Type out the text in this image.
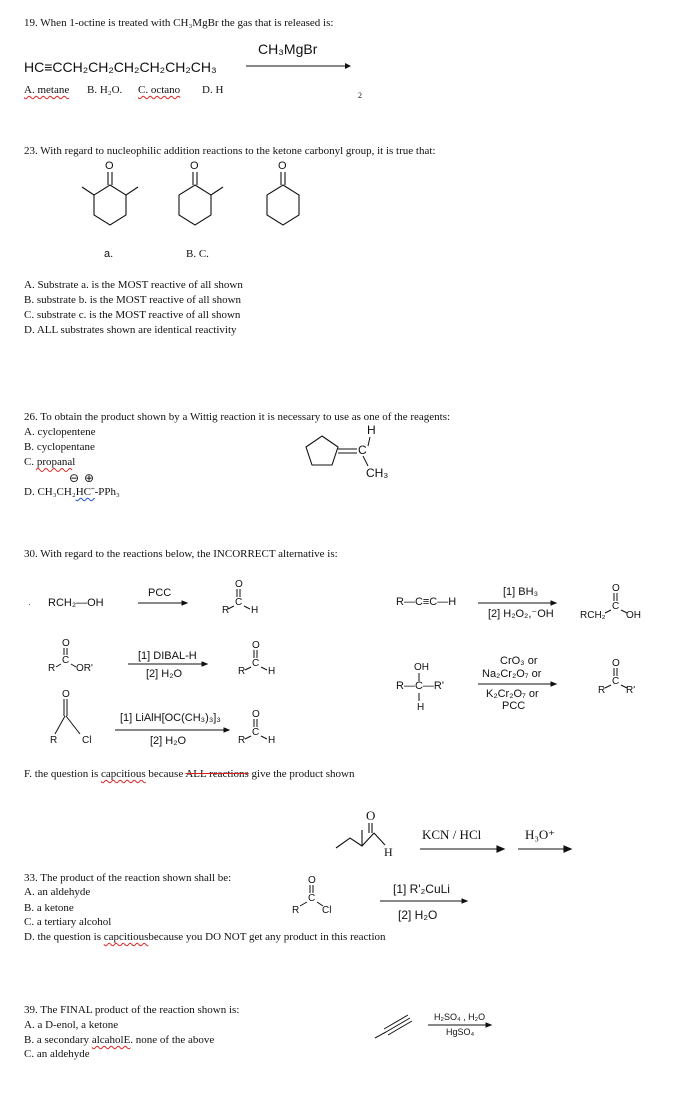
19. When 1-octine is treated with CH₃MgBr the gas that is released is:
CH₃MgBr
HC≡CCH₂CH₂CH₂CH₂CH₂CH₃
A. metane B. H₂O. C. octano D. H	2
23. With regard to nucleophilic addition reactions to the ketone carbonyl group, it is true that:
O	O	O
a.	B. C.
A. Substrate a. is the MOST reactive of all shown
B. substrate b. is the MOST reactive of all shown
C. substrate c. is the MOST reactive of all shown
D. ALL substrates shown are identical reactivity
26. To obtain the product shown by a Wittig reaction it is necessary to use as one of the reagents:
A. cyclopentene
B. cyclopentane
C. propanal
⊖ ⊕
D. CH₃CH₂HCˉ-PPh₃
H
C
CH₃
30. With regard to the reactions below, the INCORRECT alternative is:
· RCH₂—OH
PCC
O
C
R H
O
C
R OR'
[1] DIBAL-H
[2] H₂O
O
C
R H
O
R Cl
[1] LiAlH[OC(CH₃)₃]₃
[2] H₂O
O
C
R H
R—C≡C—H
[1] BH₃
[2] H₂O₂,⁻OH
O
C
RCH₂ OH
OH
R—C—R'
H
CrO₃ or
Na₂Cr₂O₇ or
K₂Cr₂O₇ or
PCC
O
C
R R'
F. the question is capcitious because ALL reactions give the product shown
O
H
KCN / HCl	H₃O⁺
33. The product of the reaction shown shall be:
A. an aldehyde
B. a ketone
C. a tertiary alcohol
D. the question is capcitiousbecause you DO NOT get any product in this reaction
O
C
R Cl
[1] R'₂CuLi
[2] H₂O
39. The FINAL product of the reaction shown is:
A. a D-enol, a ketone
B. a secondary alcaholE. none of the above
C. an aldehyde
H₂SO₄ , H₂O
HgSO₄
